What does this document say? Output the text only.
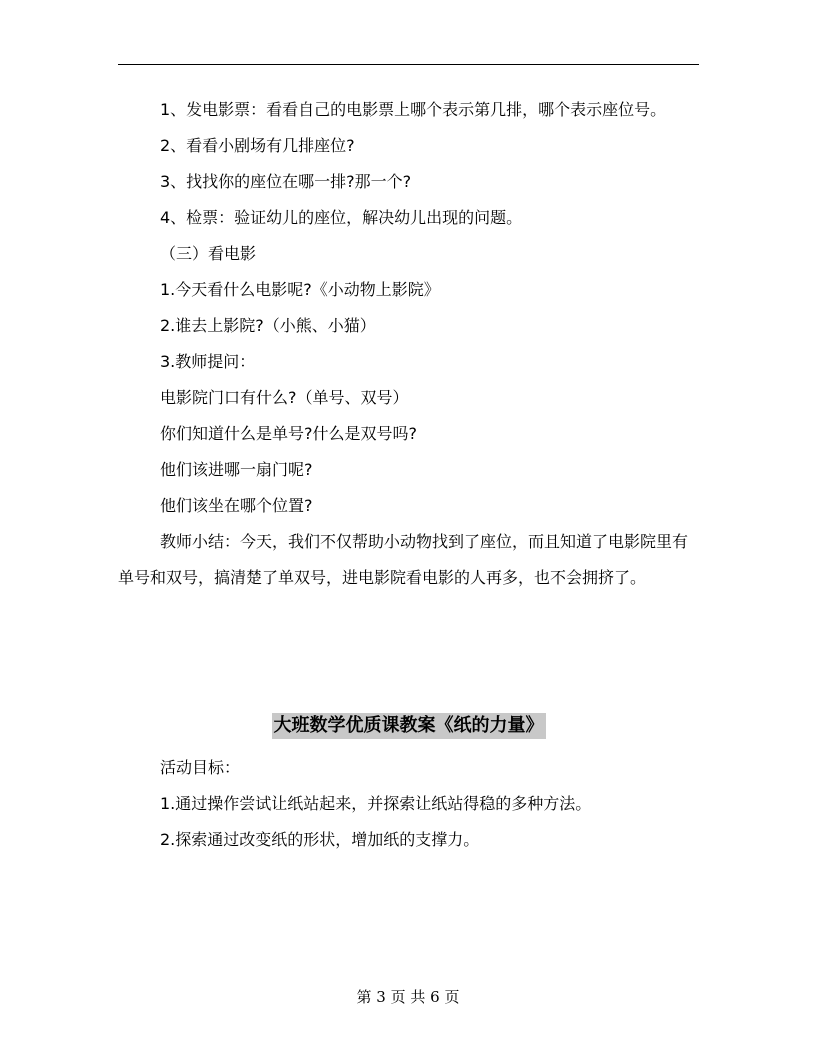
1、发电影票：看看自己的电影票上哪个表示第几排，哪个表示座位号。

2、看看小剧场有几排座位?

3、找找你的座位在哪一排?那一个?

4、检票：验证幼儿的座位，解决幼儿出现的问题。

（三）看电影

1.今天看什么电影呢?《小动物上影院》

2.谁去上影院?（小熊、小猫）

3.教师提问：

电影院门口有什么?（单号、双号）

你们知道什么是单号?什么是双号吗?

他们该进哪一扇门呢?

他们该坐在哪个位置?

教师小结：今天，我们不仅帮助小动物找到了座位，而且知道了电影院里有单号和双号，搞清楚了单双号，进电影院看电影的人再多，也不会拥挤了。

大班数学优质课教案《纸的力量》

活动目标：

1.通过操作尝试让纸站起来，并探索让纸站得稳的多种方法。

2.探索通过改变纸的形状，增加纸的支撑力。

第 3 页 共 6 页
